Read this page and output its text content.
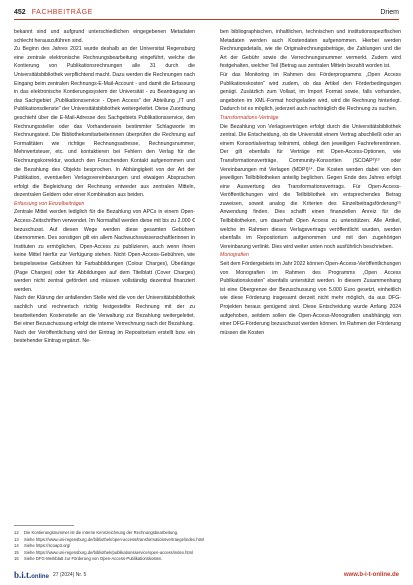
452 FACHBEITRÄGE	Driem

bekannt sind und aufgrund unterschiedlichen eingegebenen Metadaten schlecht herauszuführen sind.

Zu Beginn des Jahres 2021 wurde deshalb an der Universitat Regensburg eine zentrale elektronische Rechnungsbearbeitung eingeführt, welche die Kontierung von Publikationsrechnungen alle 31 durch die Universitätsbibliothek verpflichtend macht. Dazu werden die Rechnungen nach Eingang beim zentralen Rechnungs-E-Mail-Account - und damit die Erfassung in das elektronische Kontierungssystem der Universität - zu Beantragung an das Sachgebiet „Publikationsservice - Open Access" der Abteilung „IT und Publikationsdienste" der Universitätsbibliothek weitergeleitet. Diese Zuordnung geschieht über die E-Mail-Adresse des Sachgebiets Publikationsservice, den Rechnungssteller oder das Vorhandensein bestimmter Schlagworte im Rechnungstext. Die Bibliotheksmitarbeiterinnen überprüfen die Rechnung auf Formalitäten wie richtige Rechnungsadresse, Rechnungsnummer, Mehrwertsteuer, etc. und kontaktieren bei Fehlern den Verlag für die Rechnungskorrektur, wodurch den Forschenden Kontakt aufgenommen und die Bezahlung des Objekts besprochen. In Abhängigkeit von der Art der Publikation, eventuellen Verlagsvereinbarungen und etwaigen Absprachen erfolgt die Begleichung der Rechnung entweder aus zentralen Mitteln, dezentralen Geldern oder einer Kombination aus beiden.

Erfassung von Einzelbeiträgen

Zentrale Mittel werden lediglich für die Bezahlung von APCs in einem Open-Access-Zeitschriften verwendet. Im Normalfall werden diese mit bis zu 2.000 € bezuschusst. Auf diesen Wege werden diese gesamten Gebühren übernommen. Des sonstigen gilt ein allem Nachwuchswissenschaftlerinnen in Instituten zu ermöglichen, Open-Access zu publizieren, auch wenn ihnen keine Mittel hierfür zur Verfügung stehen. Nicht Open-Access-Gebühren, wie beispielsweise Gebühren für Farbabbildungen (Colour Charges), Überlänge (Page Charges) oder für Abbildungen auf dem Titelblatt (Cover Charges) werden nicht zentral gefördert und müssen vollständig dezentral finanziert werden.

Nach der Klärung der anfallenden Stelle wird die von der Universitätsbibliothek sachlich und rechnerisch richtig festgestellte Rechnung mit der zu bearbeitenden Kostenstelle an die Verwaltung zur Bezahlung weitergeleitet. Bei einer Bezuschussung erfolgt die interne Verrechnung nach der Bezahlung.

Nach der Veröffentlichung wird der Eintrag im Repositorium erstellt bzw. ein bestehender Eintrag ergänzt. Ne-

ben bibliographischen, inhaltlichen, technischen und institutionsspezifischen Metadaten werden auch Kostendaten aufgenommen. Hierbei werden Rechnungsdetails, wie die Originalrechnungsbeträge, die Zahlungen und die Art der Gebühr sowie die Verrechnungsnummer vermerkt. Zudem wird festgehalten, welcher Teil (Betrag aus zentralen Mitteln bezahlt worden ist.

Für das Monitoring im Rahmen des Förderprogramms „Open Access Publikationskosten“ wird zudem, ob das Artikel den Förderbedingungen genügt. Zusätzlich zum Vollast, im Import Format sowie, falls vorhanden, angeboten im XML-Format hochgeladen wird, wird die Rechnung hinterlegt. Dadurch ist es möglich, jederzeit auch nachträglich die Rechnung zu suchen.

Transformations-Verträge

Die Bezahlung von Verlagsverträgen erfolgt durch die Universitätsbibliothek zentral. Die Entscheidung, ob die Universität einem Vertrag abschließt oder an einem Konsortialvertrag teilnimmt, obliegt den jeweiligen Fachreferentinnen. Der gilt ebenfalls für Verträge mit Open-Access-Optionen, wie Transformationsverträge, Community-Konsortien (SCOAP³)¹³ oder Vereinbarungen mit Verlagen (MDPI)¹⁴. Die Kosten werden dabei von den jeweiligen Teilbibliotheken anteilig beglichen. Gegen Ende des Jahres erfolgt eine Auswertung des Transformationsvertrags. Für Open-Access-Veröffentlichungen wird die Teilbibliothek ein entsprechendes Betrag zuweisen, soweit analog die Kriterien des Einzelbeitragsförderung¹⁵ Anwendung finden. Dies schafft einen finanziellen Anreiz für die Teilbibliotheken, um dauerhaft Open Access zu unterstützen. Alle Artikel, welche im Rahmen dieses Verlagsvertrags veröffentlicht wurden, werden ebenfalls im Repositorium aufgenommen und mit den zugehörigen Vereinbarung verlinkt. Dies wird weiter unten noch ausführlich beschrieben.

Monografien

Seit dem Fördergebiets im Jahr 2022 können Open-Access-Veröffentlichungen von Monografien im Rahmen des Programms „Open Access Publikationskosten“ ebenfalls unterstützt werden. In diesem Zusammenhang ist eine Obergrenze der Bezuschussung von 5.000 Euro gesetzt, einheitlich wie diese Förderung insgesamt derzeit nicht mehr möglich, da aus DFG-Projekten heraus genügend sind. Diese Entscheidung wurde Anfang 2024 aufgehoben, seitdem sollen die Open-Access-Monografien unabhängig von einer DFG-Förderung bezuschusst werden können. Im Rahmen der Förderung müssen die Kosten

12	Die Kontierungsnummer ist die interne Kennzeichnung der Rechnungsbearbeitung.
13	Siehe https://www.uni-regensburg.de/bibliothek/open-access/transformationsvertraege/index.html
14	Siehe https://scoap3.org/
15	Siehe https://www.uni-regensburg.de/bibliothek/publikationsservice/open-access/index.html
16	Siehe DFG-Merkblatt zur Förderung von Open-Access-Publikationskosten.
b.i.t. online 27 (2024) Nr. 5	www.b-i-t-online.de
